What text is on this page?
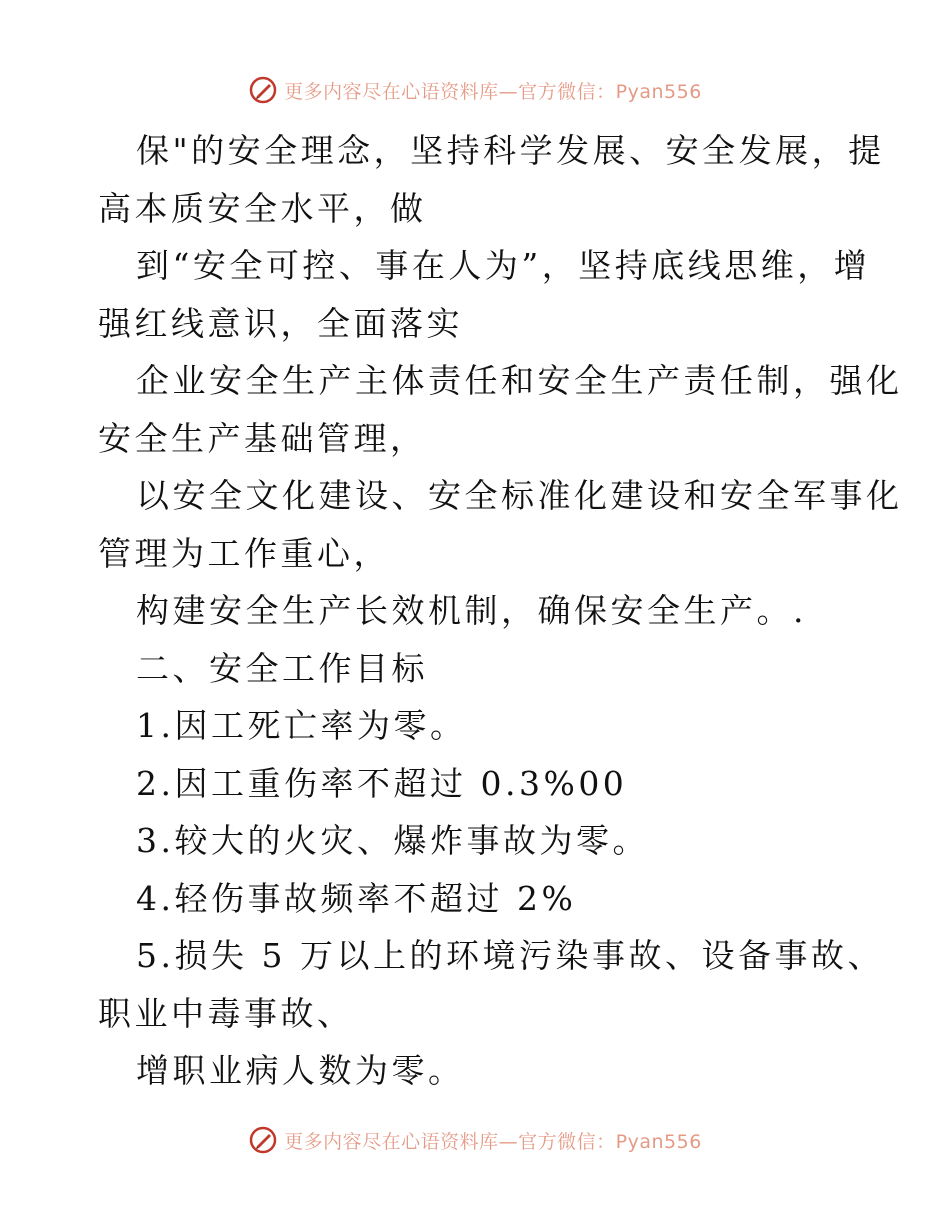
更多内容尽在心语资料库—官方微信：Pyan556
保"的安全理念，坚持科学发展、安全发展，提
高本质安全水平，做
到“安全可控、事在人为”，坚持底线思维，增
强红线意识，全面落实
企业安全生产主体责任和安全生产责任制，强化
安全生产基础管理，
以安全文化建设、安全标准化建设和安全军事化
管理为工作重心，
构建安全生产长效机制，确保安全生产。.
二、安全工作目标
1.因工死亡率为零。
2.因工重伤率不超过 0.3%00
3.较大的火灾、爆炸事故为零。
4.轻伤事故频率不超过 2%
5.损失 5 万以上的环境污染事故、设备事故、
职业中毒事故、
增职业病人数为零。
更多内容尽在心语资料库—官方微信：Pyan556
